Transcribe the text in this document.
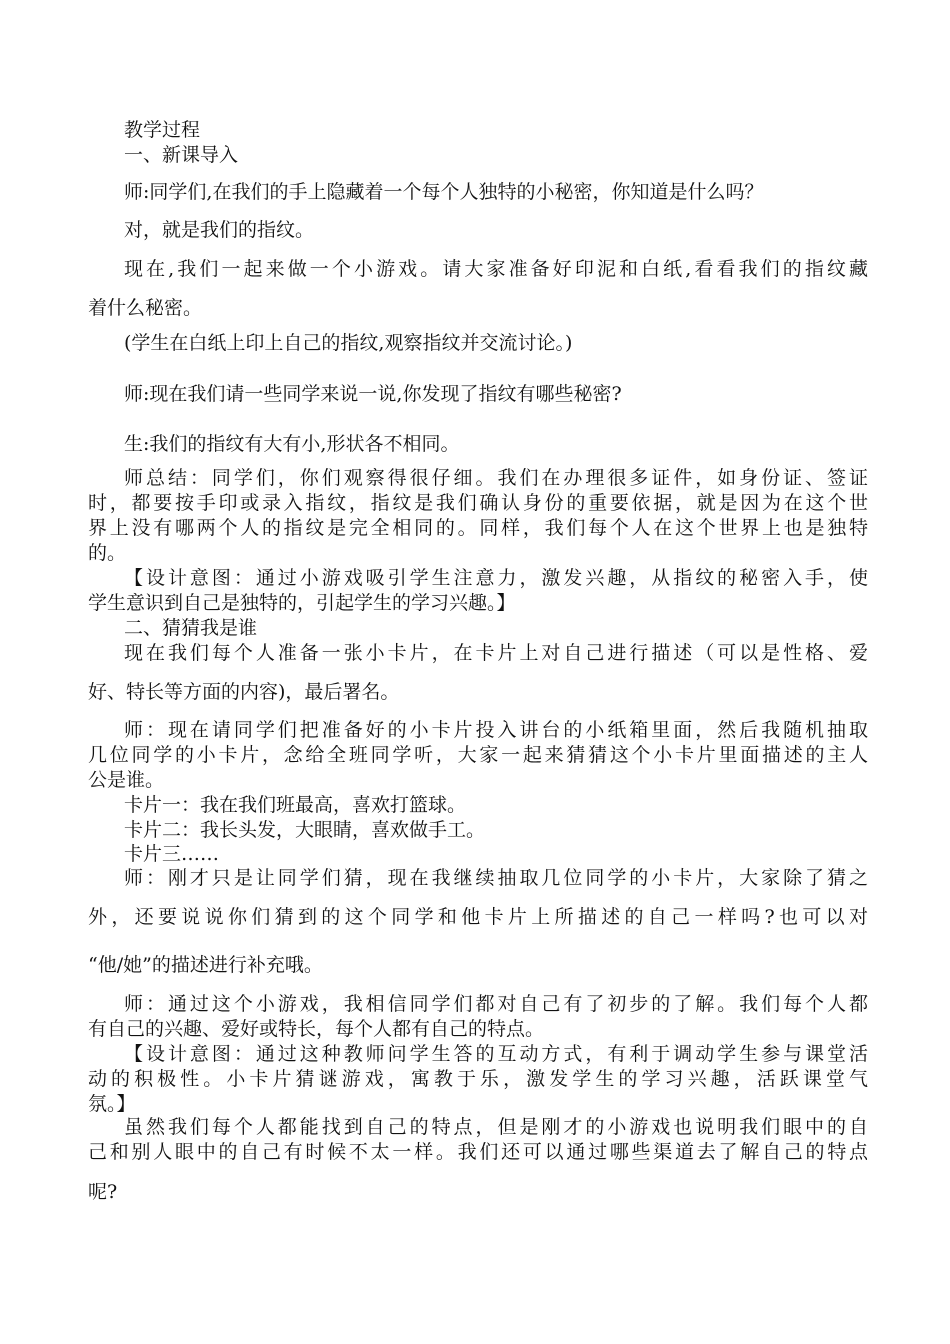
教学过程
一、新课导入
师:同学们,在我们的手上隐藏着一个每个人独特的小秘密，你知道是什么吗？
对，就是我们的指纹。
现在,我们一起来做一个小游戏。请大家准备好印泥和白纸,看看我们的指纹藏
着什么秘密。
(学生在白纸上印上自己的指纹,观察指纹并交流讨论。)
师:现在我们请一些同学来说一说,你发现了指纹有哪些秘密?
生:我们的指纹有大有小,形状各不相同。
师总结：同学们，你们观察得很仔细。我们在办理很多证件，如身份证、签证
时，都要按手印或录入指纹，指纹是我们确认身份的重要依据，就是因为在这个世
界上没有哪两个人的指纹是完全相同的。同样，我们每个人在这个世界上也是独特
的。
【设计意图：通过小游戏吸引学生注意力，激发兴趣，从指纹的秘密入手，使
学生意识到自己是独特的，引起学生的学习兴趣。】
二、猜猜我是谁
现在我们每个人准备一张小卡片，在卡片上对自己进行描述（可以是性格、爱
好、特长等方面的内容)，最后署名。
师：现在请同学们把准备好的小卡片投入讲台的小纸箱里面，然后我随机抽取
几位同学的小卡片，念给全班同学听，大家一起来猜猜这个小卡片里面描述的主人
公是谁。
卡片一：我在我们班最高，喜欢打篮球。
卡片二：我长头发，大眼睛，喜欢做手工。
卡片三……
师：刚才只是让同学们猜，现在我继续抽取几位同学的小卡片，大家除了猜之
外，还要说说你们猜到的这个同学和他卡片上所描述的自己一样吗?也可以对
“他/她”的描述进行补充哦。
师：通过这个小游戏，我相信同学们都对自己有了初步的了解。我们每个人都
有自己的兴趣、爱好或特长，每个人都有自己的特点。
【设计意图：通过这种教师问学生答的互动方式，有利于调动学生参与课堂活
动的积极性。小卡片猜谜游戏，寓教于乐，激发学生的学习兴趣，活跃课堂气
氛。】
虽然我们每个人都能找到自己的特点，但是刚才的小游戏也说明我们眼中的自
己和别人眼中的自己有时候不太一样。我们还可以通过哪些渠道去了解自己的特点
呢?
